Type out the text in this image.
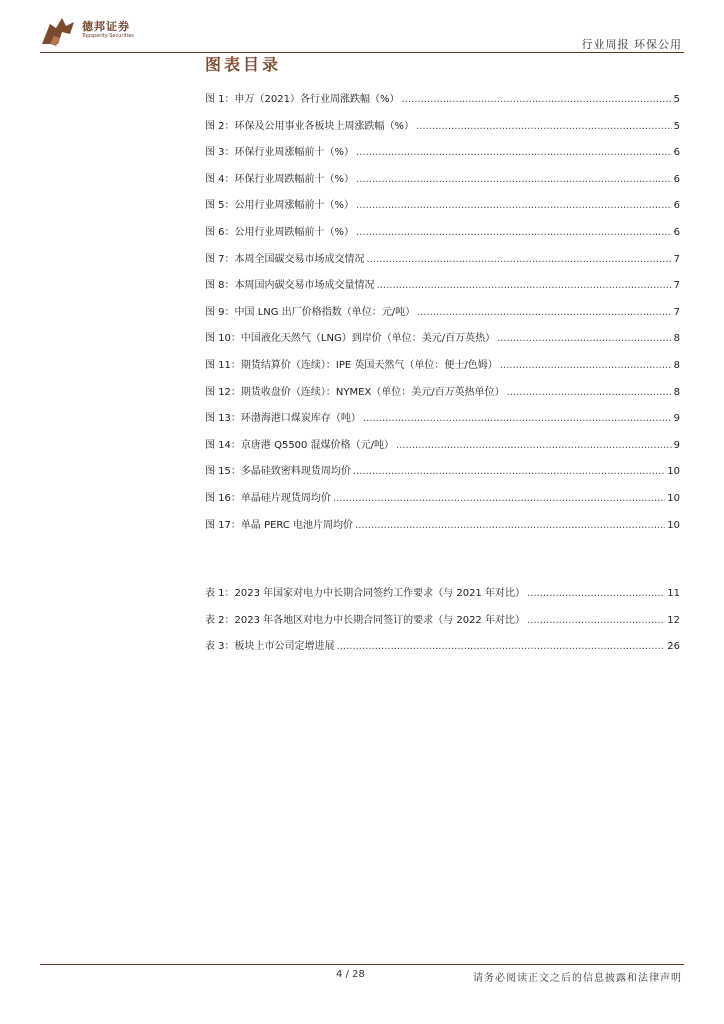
德邦证券
Topsperity Securities
行业周报 环保公用
图表目录
图 1：申万（2021）各行业周涨跌幅（%） .....	5
图 2：环保及公用事业各板块上周涨跌幅（%） .....	5
图 3：环保行业周涨幅前十（%） .....	6
图 4：环保行业周跌幅前十（%） .....	6
图 5：公用行业周涨幅前十（%） .....	6
图 6：公用行业周跌幅前十（%） .....	6
图 7：本周全国碳交易市场成交情况 .....	7
图 8：本周国内碳交易市场成交量情况 .....	7
图 9：中国 LNG 出厂价格指数（单位：元/吨） .....	7
图 10：中国液化天然气（LNG）到岸价（单位：美元/百万英热） .....	8
图 11：期货结算价（连续）：IPE 英国天然气（单位：便士/色姆） .....	8
图 12：期货收盘价（连续）：NYMEX（单位：美元/百万英热单位） .....	8
图 13：环渤海港口煤炭库存（吨） .....	9
图 14：京唐港 Q5500 混煤价格（元/吨） .....	9
图 15：多晶硅致密料现货周均价 .....	10
图 16：单晶硅片现货周均价 .....	10
图 17：单晶 PERC 电池片周均价 .....	10
表 1：2023 年国家对电力中长期合同签约工作要求（与 2021 年对比） .....	11
表 2：2023 年各地区对电力中长期合同签订的要求（与 2022 年对比） .....	12
表 3：板块上市公司定增进展 .....	26
4 / 28	请务必阅读正文之后的信息披露和法律声明
